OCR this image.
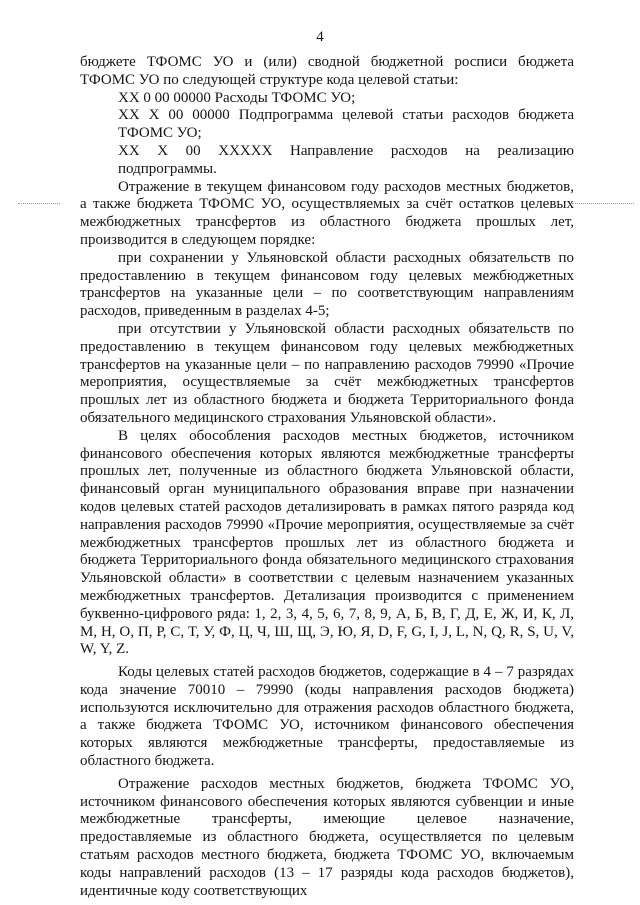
4

бюджете ТФОМС УО и (или) сводной бюджетной росписи бюджета ТФОМС УО по следующей структуре кода целевой статьи:

XX 0 00 00000 Расходы ТФОМС УО;

XX X 00 00000 Подпрограмма целевой статьи расходов бюджета ТФОМС УО;

XX X 00 XXXXX Направление расходов на реализацию подпрограммы.

Отражение в текущем финансовом году расходов местных бюджетов, а также бюджета ТФОМС УО, осуществляемых за счёт остатков целевых межбюджетных трансфертов из областного бюджета прошлых лет, производится в следующем порядке:

при сохранении у Ульяновской области расходных обязательств по предоставлению в текущем финансовом году целевых межбюджетных трансфертов на указанные цели – по соответствующим направлениям расходов, приведенным в разделах 4-5;

при отсутствии у Ульяновской области расходных обязательств по предоставлению в текущем финансовом году целевых межбюджетных трансфертов на указанные цели – по направлению расходов 79990 «Прочие мероприятия, осуществляемые за счёт межбюджетных трансфертов прошлых лет из областного бюджета и бюджета Территориального фонда обязательного медицинского страхования Ульяновской области».

В целях обособления расходов местных бюджетов, источником финансового обеспечения которых являются межбюджетные трансферты прошлых лет, полученные из областного бюджета Ульяновской области, финансовый орган муниципального образования вправе при назначении кодов целевых статей расходов детализировать в рамках пятого разряда код направления расходов 79990 «Прочие мероприятия, осуществляемые за счёт межбюджетных трансфертов прошлых лет из областного бюджета и бюджета Территориального фонда обязательного медицинского страхования Ульяновской области» в соответствии с целевым назначением указанных межбюджетных трансфертов. Детализация производится с применением буквенно-цифрового ряда: 1, 2, 3, 4, 5, 6, 7, 8, 9, А, Б, В, Г, Д, Е, Ж, И, К, Л, М, Н, О, П, Р, С, Т, У, Ф, Ц, Ч, Ш, Щ, Э, Ю, Я, D, F, G, I, J, L, N, Q, R, S, U, V, W, Y, Z.

Коды целевых статей расходов бюджетов, содержащие в 4 – 7 разрядах кода значение 70010 – 79990 (коды направления расходов бюджета) используются исключительно для отражения расходов областного бюджета, а также бюджета ТФОМС УО, источником финансового обеспечения которых являются межбюджетные трансферты, предоставляемые из областного бюджета.

Отражение расходов местных бюджетов, бюджета ТФОМС УО, источником финансового обеспечения которых являются субвенции и иные межбюджетные трансферты, имеющие целевое назначение, предоставляемые из областного бюджета, осуществляется по целевым статьям расходов местного бюджета, бюджета ТФОМС УО, включаемым коды направлений расходов (13 – 17 разряды кода расходов бюджетов), идентичные коду соответствующих
